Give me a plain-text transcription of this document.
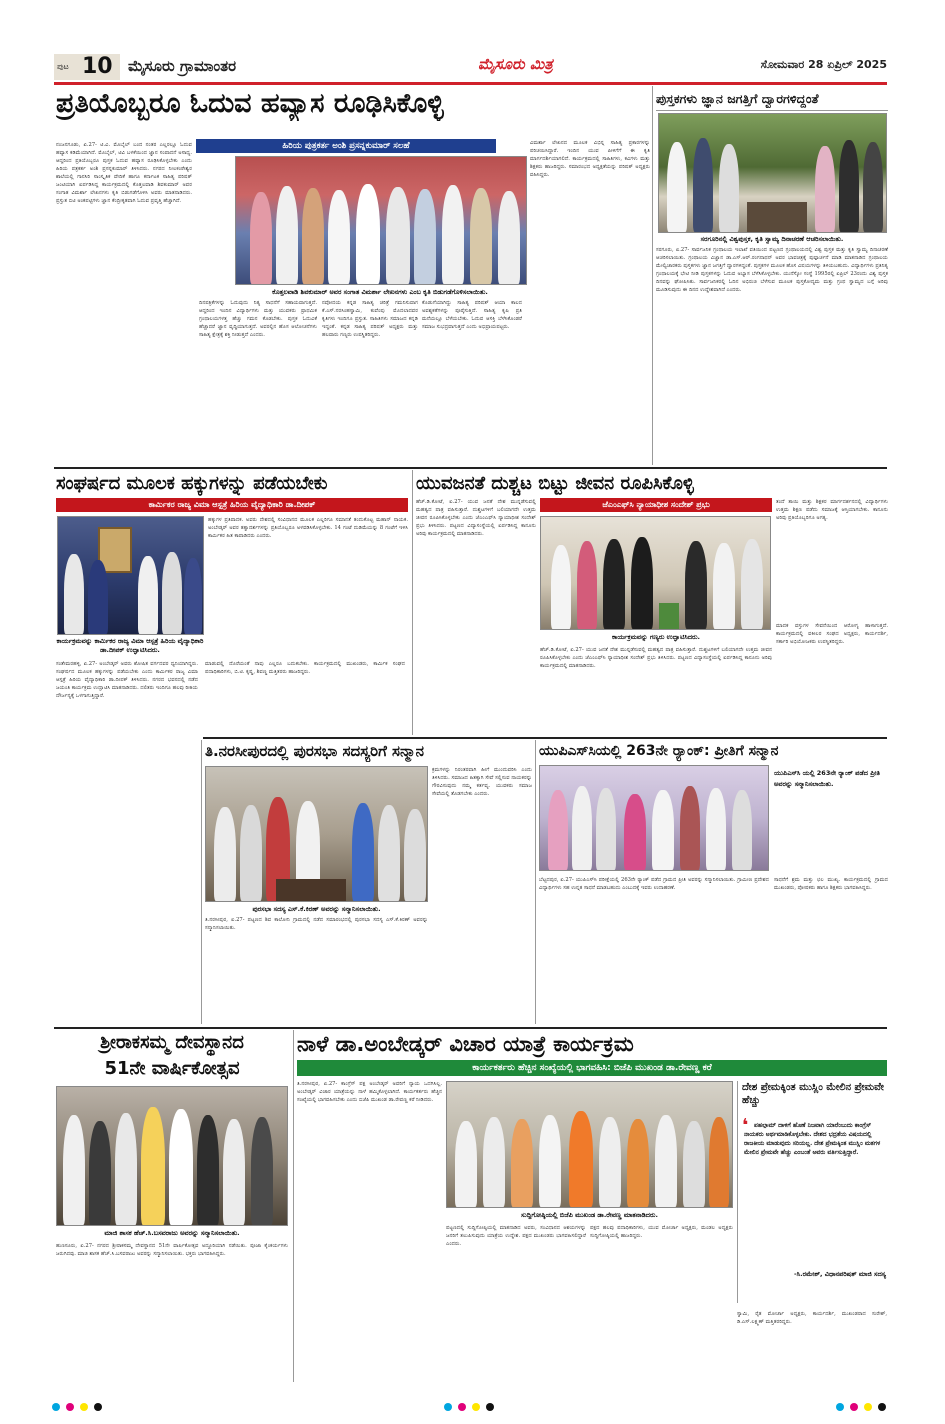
ಪುಟ 10 ಮೈಸೂರು ಗ್ರಾಮಾಂತರ	ಮೈಸೂರು ಮಿತ್ರ	ಸೋಮವಾರ 28 ಏಪ್ರಿಲ್ 2025
ಪ್ರತಿಯೊಬ್ಬರೂ ಓದುವ ಹವ್ಯಾಸ ರೂಢಿಸಿಕೊಳ್ಳಿ
ಹಿರಿಯ ಪುತ್ರಕರ್ತ ಅಂಶಿ ಪ್ರಸನ್ನಕುಮಾರ್ ಸಲಹೆ
ನಂಜನಗೂಡು, ಏ.27- ಟಿ.ವಿ. ಮೊಬೈಲ್ ಬಂದ ನಂತರ ಎಲ್ಲರಲ್ಲೂ ಓದುವ ಹವ್ಯಾಸ ಕಡಿಮೆಯಾಗಿದೆ. ಮೊಬೈಲ್, ಟಿವಿ ಬಳಕೆಯಿಂದ ಜ್ಞಾನ ಸಂಪಾದನೆ ಅಸಾಧ್ಯ. ಆದ್ದರಿಂದ ಪ್ರತಿಯೊಬ್ಬರೂ ಪುಸ್ತಕ ಓದುವ ಹವ್ಯಾಸ ರೂಢಿಸಿಕೊಳ್ಳಬೇಕು ಎಂದು ಹಿರಿಯ ಪತ್ರಕರ್ತ ಅಂಶಿ ಪ್ರಸನ್ನಕುಮಾರ್ ತಿಳಿಸಿದರು. ನಗರದ ನೀಲಕಂಠೇಶ್ವರ ಶಾಲೆಯಲ್ಲಿ ಗಾನಸಿರಿ ಸಾಂಸ್ಕೃತಿಕ ವೇದಿಕೆ ಹಾಗೂ ಕರ್ನಾಟಕ ಸಾಹಿತ್ಯ ಪರಿಷತ್ ಜಂಟಿಯಾಗಿ ಏರ್ಪಡಿಸಿದ್ದ ಕಾರ್ಯಕ್ರಮದಲ್ಲಿ ಕೊತ್ತಲವಾಡಿ ಶಿವಕುಮಾರ್ ಅವರ ಸಂಗಾತ ವಿಮರ್ಶಾ ಲೇಖನಗಳು ಕೃತಿ ಬಿಡುಗಡೆಗೊಳಿಸಿ ಅವರು ಮಾತನಾಡಿದರು. ಪ್ರಸ್ತುತ ಬಿಟಿ ಅಂಕಪಟ್ಟಿಗಳು ಜ್ಞಾನ ಕೆಂದ್ರೀಕೃತವಾಗಿ ಓದುವ ಪ್ರವೃತ್ತಿ ಹೆಚ್ಚಾಗಿದೆ.
ಕೊತ್ತಲವಾಡಿ ಶಿವಕುಮಾರ್ ಅವರ ಸಂಗಾತ ವಿಮರ್ಶಾ ಲೇಖನಗಳು ಎಂಬ ಕೃತಿ ಬಿಡುಗಡೆಗೊಳಿಸಲಾಯಿತು.
ದಿನಪತ್ರಿಕೆಗಳನ್ನು ಓದುವುದು ನಿತ್ಯ ಸಾಧನೆಗೆ ಸಹಾಯವಾಗುತ್ತದೆ. ಆದ್ದರಿಂದ ಇಂದಿನ ವಿದ್ಯಾರ್ಥಿಗಳು ಮತ್ತು ಯುವಕರು ಪ್ರಾಥಮಿಕ ಗ್ರಂಥಾಲಯಗಳತ್ತ ಹೆಚ್ಚು ಗಮನ ಕೊಡಬೇಕು. ಪುಸ್ತಕ ಓದುವಿಕೆ ಹೆಚ್ಚಾದರೆ ಜ್ಞಾನ ವೃದ್ಧಿಯಾಗುತ್ತದೆ. ಅವರಲ್ಲಿನ ಹೊಸ ಆಲೋಚನೆಗಳು ಸಾಹಿತ್ಯ ಕ್ಷೇತ್ರಕ್ಕೆ ಶಕ್ತಿ ನೀಡುತ್ತದೆ ಎಂದರು.
ನವೋದಯ ಕನ್ನಡ ಸಾಹಿತ್ಯ ಚರಿತ್ರೆ ಗಮನಿಸುವಾಗ ಕೆ.ಎಸ್.ನರಸಿಂಹಸ್ವಾಮಿ, ಕುವೆಂಪು ಮೊದಲಾದವರ ಕೃತಿಗಳು ಇಂದಿಗೂ ಪ್ರಸ್ತುತ. ಸಾಹಿತಿಗಳು ಸಮಾಜದ ಕನ್ನಡಿ ಇದ್ದಂತೆ. ಕನ್ನಡ ಸಾಹಿತ್ಯ ಪರಿಷತ್ ಅಧ್ಯಕ್ಷರು ಮತ್ತು ಹಲವಾರು ಗಣ್ಯರು ಉಪಸ್ಥಿತರಿದ್ದರು.
ಕೊಡುಗೆಯಾಗಿದ್ದು ಸಾಹಿತ್ಯ ಪರಿಷತ್ ಆಯಾ ಕಾಲದ ಅವಶ್ಯಕತೆಗಳನ್ನು ಪೂರೈಸುತ್ತಿದೆ. ಸಾಹಿತ್ಯ ಕೃಷಿ ಪ್ರತಿ ಮನೆಯಲ್ಲೂ ಬೆಳೆಯಬೇಕು. ಓದುವ ಆಸಕ್ತಿ ಬೆಳೆಸಿಕೊಂಡರೆ ಸಮಾಜ ಸುಭದ್ರವಾಗುತ್ತದೆ ಎಂದು ಅಭಿಪ್ರಾಯಪಟ್ಟರು.
ವಿಮರ್ಶಾ ಲೇಖನದ ಮೂಲಕ ವಿಭಿನ್ನ ಸಾಹಿತ್ಯ ಪ್ರಕಾರಗಳನ್ನು ಪರಿಚಯಿಸಿದ್ದಾರೆ. ಇಂದಿನ ಯುವ ಪೀಳಿಗೆಗೆ ಈ ಕೃತಿ ಮಾರ್ಗದರ್ಶಿಯಾಗಲಿದೆ. ಕಾರ್ಯಕ್ರಮದಲ್ಲಿ ಸಾಹಿತಿಗಳು, ಕವಿಗಳು ಮತ್ತು ಶಿಕ್ಷಕರು ಹಾಜರಿದ್ದರು. ಸಮಾರಂಭದ ಅಧ್ಯಕ್ಷತೆಯನ್ನು ಪರಿಷತ್ ಅಧ್ಯಕ್ಷರು ವಹಿಸಿದ್ದರು.
ಪುಸ್ತಕಗಳು ಜ್ಞಾನ ಜಗತ್ತಿಗೆ ದ್ವಾರಗಳಿದ್ದಂತೆ
ಸರಗೂರಿನಲ್ಲಿ ವಿಶ್ವಪುಸ್ತಕ, ಕೃತಿ ಸ್ವಾಮ್ಯ ದಿನಾಚರಣೆ ಆಚರಿಸಲಾಯಿತು.
ಸರಗೂರು, ಏ.27- ಸಾರ್ವಜನಿಕ ಗ್ರಂಥಾಲಯ ಇಲಾಖೆ ವತಿಯಿಂದ ಪಟ್ಟಣದ ಗ್ರಂಥಾಲಯದಲ್ಲಿ ವಿಶ್ವ ಪುಸ್ತಕ ಮತ್ತು ಕೃತಿ ಸ್ವಾಮ್ಯ ದಿನಾಚರಣೆ ಆಚರಿಸಲಾಯಿತು. ಗ್ರಂಥಾಲಯ ವಿಜ್ಞಾನ ಡಾ.ಎಸ್.ಆರ್.ರಂಗನಾಥನ್ ಅವರ ಭಾವಚಿತ್ರಕ್ಕೆ ಪುಷ್ಪಾರ್ಚನೆ ಮಾಡಿ ಮಾತನಾಡಿದ ಗ್ರಂಥಾಲಯ ಮೇಲ್ವಿಚಾರಕರು ಪುಸ್ತಕಗಳು ಜ್ಞಾನ ಜಗತ್ತಿಗೆ ದ್ವಾರಗಳಿದ್ದಂತೆ. ಪುಸ್ತಕಗಳ ಮೂಲಕ ಹೊಸ ವಿಷಯಗಳನ್ನು ತಿಳಿಯಬಹುದು. ವಿದ್ಯಾರ್ಥಿಗಳು ಪ್ರತಿನಿತ್ಯ ಗ್ರಂಥಾಲಯಕ್ಕೆ ಭೇಟಿ ನೀಡಿ ಪುಸ್ತಕಗಳನ್ನು ಓದುವ ಅಭ್ಯಾಸ ಬೆಳೆಸಿಕೊಳ್ಳಬೇಕು. ಯುನೆಸ್ಕೋ ಸಂಸ್ಥೆ 1995ರಲ್ಲಿ ಏಪ್ರಿಲ್ 23ರಂದು ವಿಶ್ವ ಪುಸ್ತಕ ದಿನವನ್ನು ಘೋಷಿಸಿತು. ಸಾರ್ವಜನಿಕರಲ್ಲಿ ಓದಿನ ಅಭಿರುಚಿ ಬೆಳೆಸುವ ಮೂಲಕ ಪುಸ್ತಕೋದ್ಯಮ ಮತ್ತು ಗ್ರಂಥ ಸ್ವಾಮ್ಯದ ಬಗ್ಗೆ ಅರಿವು ಮೂಡಿಸುವುದು ಈ ದಿನದ ಉದ್ದೇಶವಾಗಿದೆ ಎಂದರು.
ಸಂಘರ್ಷದ ಮೂಲಕ ಹಕ್ಕುಗಳನ್ನು ಪಡೆಯಬೇಕು
ಕಾರ್ಮಿಕರ ರಾಜ್ಯ ವಿಮಾ ಆಸ್ಪತ್ರೆ ಹಿರಿಯ ವೈದ್ಯಾಧಿಕಾರಿ ಡಾ.ದೀಪಕ್
ಕಾರ್ಯಕ್ರಮವನ್ನು ಕಾರ್ಮಿಕರ ರಾಜ್ಯ ವಿಮಾ ಆಸ್ಪತ್ರೆ ಹಿರಿಯ ವೈದ್ಯಾಧಿಕಾರಿ ಡಾ.ದೀಪಕ್ ಉದ್ಘಾಟಿಸಿದರು.
ಹಕ್ಕುಗಳ ಪ್ರತಿಪಾದಕ. ಅವರು ದೇಶದಲ್ಲಿ ಸಂವಿಧಾನದ ಮೂಲಕ ಎಲ್ಲರಿಗೂ ಸಮಾನತೆ ತಂದುಕೊಟ್ಟ ಮಹಾನ್ ನಾಯಕ. ಅಂಬೇಡ್ಕರ್ ಅವರ ತತ್ವಾದರ್ಶಗಳನ್ನು ಪ್ರತಿಯೊಬ್ಬರೂ ಅಳವಡಿಸಿಕೊಳ್ಳಬೇಕು. 14 ಗಂಟೆ ದುಡಿಮೆಯನ್ನು 8 ಗಂಟೆಗೆ ಇಳಿಸಿ ಕಾರ್ಮಿಕರ ಹಿತ ಕಾಪಾಡಿದರು ಎಂದರು.
ಸಂತೇಮರಹಳ್ಳಿ, ಏ.27- ಅಂಬೇಡ್ಕರ್ ಅವರು ಶೋಷಿತ ವರ್ಗದವರ ಧ್ವನಿಯಾಗಿದ್ದರು. ಸಂಘರ್ಷದ ಮೂಲಕ ಹಕ್ಕುಗಳನ್ನು ಪಡೆಯಬೇಕು ಎಂದು ಕಾರ್ಮಿಕರ ರಾಜ್ಯ ವಿಮಾ ಆಸ್ಪತ್ರೆ ಹಿರಿಯ ವೈದ್ಯಾಧಿಕಾರಿ ಡಾ.ದೀಪಕ್ ತಿಳಿಸಿದರು. ನಗರದ ಭವನದಲ್ಲಿ ನಡೆದ ಜಯಂತಿ ಕಾರ್ಯಕ್ರಮ ಉದ್ಘಾಟಿಸಿ ಮಾತನಾಡಿದರು. ದಲಿತರು ಇಂದಿಗೂ ಹಲವು ರೀತಿಯ ದೌರ್ಜನ್ಯಕ್ಕೆ ಒಳಗಾಗುತ್ತಿದ್ದಾರೆ.
ಮಾಡುವಲ್ಲಿ ದೊರೆಯಂತೆ ನಾವು ಎಲ್ಲರೂ ಬದುಕಬೇಕು. ಕಾರ್ಯಕ್ರಮದಲ್ಲಿ ಮುಖಂಡರು, ಕಾರ್ಮಿಕ ಸಂಘದ ಪದಾಧಿಕಾರಿಗಳು, ಬಿ.ಟಿ. ಕೃಷ್ಣ, ಶಿವಣ್ಣ ಮತ್ತಿತರರು ಹಾಜರಿದ್ದರು.
ಯುವಜನತೆ ದುಶ್ಚಟ ಬಿಟ್ಟು ಜೀವನ ರೂಪಿಸಿಕೊಳ್ಳಿ
ಹೆಚ್.ಡಿ.ಕೋಟೆ, ಏ.27- ಯುವ ಜನತೆ ದೇಶ ಮುನ್ನಡೆಸುವಲ್ಲಿ ಮಹತ್ವದ ಪಾತ್ರ ವಹಿಸುತ್ತಾರೆ. ದುಶ್ಚಟಗಳಿಗೆ ಬಲಿಯಾಗದೇ ಉತ್ತಮ ಜೀವನ ರೂಪಿಸಿಕೊಳ್ಳಬೇಕು ಎಂದು ಜೆಎಂಎಫ್‌ಸಿ ನ್ಯಾಯಾಧೀಶ ಸಂದೇಶ್ ಪ್ರಭು ತಿಳಿಸಿದರು. ಪಟ್ಟಣದ ವಿದ್ಯಾಸಂಸ್ಥೆಯಲ್ಲಿ ಏರ್ಪಡಿಸಿದ್ದ ಕಾನೂನು ಅರಿವು ಕಾರ್ಯಕ್ರಮದಲ್ಲಿ ಮಾತನಾಡಿದರು.
ಜೆಎಂಎಫ್‌ಸಿ ನ್ಯಾಯಾಧೀಶ ಸಂದೇಶ್ ಪ್ರಭು
ಕಾರ್ಯಕ್ರಮವನ್ನು ಗಣ್ಯರು ಉದ್ಘಾಟಿಸಿದರು.
ತಂದೆ ತಾಯಿ ಮತ್ತು ಶಿಕ್ಷಕರ ಮಾರ್ಗದರ್ಶನದಲ್ಲಿ ವಿದ್ಯಾರ್ಥಿಗಳು ಉತ್ತಮ ಶಿಕ್ಷಣ ಪಡೆದು ಸಮಾಜಕ್ಕೆ ಆಸ್ತಿಯಾಗಬೇಕು. ಕಾನೂನು ಅರಿವು ಪ್ರತಿಯೊಬ್ಬರಿಗೂ ಅಗತ್ಯ.
ಮಾದಕ ವಸ್ತುಗಳ ಸೇವನೆಯಿಂದ ಆರೋಗ್ಯ ಹಾಳಾಗುತ್ತದೆ. ಕಾರ್ಯಕ್ರಮದಲ್ಲಿ ವಕೀಲರ ಸಂಘದ ಅಧ್ಯಕ್ಷರು, ಕಾರ್ಯದರ್ಶಿ, ಸರ್ಕಾರಿ ಅಭಿಯೋಜಕರು ಉಪಸ್ಥಿತರಿದ್ದರು.
ಹೆಚ್.ಡಿ.ಕೋಟೆ, ಏ.27- ಯುವ ಜನತೆ ದೇಶ ಮುನ್ನಡೆಸುವಲ್ಲಿ ಮಹತ್ವದ ಪಾತ್ರ ವಹಿಸುತ್ತಾರೆ. ದುಶ್ಚಟಗಳಿಗೆ ಬಲಿಯಾಗದೇ ಉತ್ತಮ ಜೀವನ ರೂಪಿಸಿಕೊಳ್ಳಬೇಕು ಎಂದು ಜೆಎಂಎಫ್‌ಸಿ ನ್ಯಾಯಾಧೀಶ ಸಂದೇಶ್ ಪ್ರಭು ತಿಳಿಸಿದರು. ಪಟ್ಟಣದ ವಿದ್ಯಾಸಂಸ್ಥೆಯಲ್ಲಿ ಏರ್ಪಡಿಸಿದ್ದ ಕಾನೂನು ಅರಿವು ಕಾರ್ಯಕ್ರಮದಲ್ಲಿ ಮಾತನಾಡಿದರು.
ತಿ.ನರಸೀಪುರದಲ್ಲಿ ಪುರಸಭಾ ಸದಸ್ಯರಿಗೆ ಸನ್ಮಾನ
ಪುರಸಭಾ ಸದಸ್ಯ ಎಸ್.ಕೆ.ಕಿರಣ್ ಅವರನ್ನು ಸನ್ಮಾನಿಸಲಾಯಿತು.
ತಿ.ನರಸೀಪುರ, ಏ.27- ಪಟ್ಟಣದ ಶಿವ ಕಾಲೋನಿ ಗ್ರಾಮದಲ್ಲಿ ನಡೆದ ಸಮಾರಂಭದಲ್ಲಿ ಪುರಸಭಾ ಸದಸ್ಯ ಎಸ್.ಕೆ.ಕಿರಣ್ ಅವರನ್ನು ಸನ್ಮಾನಿಸಲಾಯಿತು.
ಕ್ರಮಗಳನ್ನು ನಿರಂತರವಾಗಿ ಹೀಗೆ ಮುಂದುವರಿಸಿ ಎಂದು ತಿಳಿಸಿದರು. ಸಮಾಜದ ಹಿತಕ್ಕಾಗಿ ಸೇವೆ ಸಲ್ಲಿಸುವ ನಾಯಕರನ್ನು ಗೌರವಿಸುವುದು ನಮ್ಮ ಕರ್ತವ್ಯ. ಯುವಕರು ಸಮಾಜ ಸೇವೆಯಲ್ಲಿ ತೊಡಗಬೇಕು ಎಂದರು.
ಯುಪಿಎಸ್‌ಸಿಯಲ್ಲಿ 263ನೇ ರ್‍ಯಾಂಕ್: ಪ್ರೀತಿಗೆ ಸನ್ಮಾನ
ಯುಪಿಎಸ್‌ಸಿ ಯಲ್ಲಿ 263ನೇ ರ್‍ಯಾಂಕ್ ಪಡೆದ ಪ್ರೀತಿ ಅವರನ್ನು ಸನ್ಮಾನಿಸಲಾಯಿತು.
ಬೆಟ್ಟದಪುರ, ಏ.27- ಯುಪಿಎಸ್‌ಸಿ ಪರೀಕ್ಷೆಯಲ್ಲಿ 263ನೇ ರ್‍ಯಾಂಕ್ ಪಡೆದ ಗ್ರಾಮದ ಪ್ರೀತಿ ಅವರನ್ನು ಸನ್ಮಾನಿಸಲಾಯಿತು. ಗ್ರಾಮೀಣ ಪ್ರದೇಶದ ವಿದ್ಯಾರ್ಥಿಗಳು ಸಹ ಉನ್ನತ ಸಾಧನೆ ಮಾಡಬಹುದು ಎಂಬುದಕ್ಕೆ ಇವರು ಉದಾಹರಣೆ.
ಸಾಧನೆಗೆ ಶ್ರಮ ಮತ್ತು ಛಲ ಮುಖ್ಯ. ಕಾರ್ಯಕ್ರಮದಲ್ಲಿ ಗ್ರಾಮದ ಮುಖಂಡರು, ಪೋಷಕರು ಹಾಗೂ ಶಿಕ್ಷಕರು ಭಾಗವಹಿಸಿದ್ದರು.
ಶ್ರೀರಾಕಸಮ್ಮ ದೇವಸ್ಥಾನದ
51ನೇ ವಾರ್ಷಿಕೋತ್ಸವ
ಮಾಜಿ ಶಾಸಕ ಹೆಚ್.ಸಿ.ಬಸವರಾಜು ಅವರನ್ನು ಸನ್ಮಾನಿಸಲಾಯಿತು.
ಹುಣಸೂರು, ಏ.27- ನಗರದ ಶ್ರೀರಾಕಸಮ್ಮ ದೇವಸ್ಥಾನದ 51ನೇ ವಾರ್ಷಿಕೋತ್ಸವ ಅದ್ದೂರಿಯಾಗಿ ನಡೆಯಿತು. ಪೂಜಾ ಕೈಂಕರ್ಯಗಳು ಜರುಗಿದವು. ಮಾಜಿ ಶಾಸಕ ಹೆಚ್.ಸಿ.ಬಸವರಾಜು ಅವರನ್ನು ಸನ್ಮಾನಿಸಲಾಯಿತು. ಭಕ್ತರು ಭಾಗವಹಿಸಿದ್ದರು.
ನಾಳೆ ಡಾ.ಅಂಬೇಡ್ಕರ್ ವಿಚಾರ ಯಾತ್ರೆ ಕಾರ್ಯಕ್ರಮ
ಕಾರ್ಯಕರ್ತರು ಹೆಚ್ಚಿನ ಸಂಖ್ಯೆಯಲ್ಲಿ ಭಾಗವಹಿಸಿ: ಬಿಜೆಪಿ ಮುಖಂಡ ಡಾ.ರೇವಣ್ಣ ಕರೆ
ತಿ.ನರಸೀಪುರ, ಏ.27- ಕಾಂಗ್ರೆಸ್ ಪಕ್ಷ ಅಂಬೇಡ್ಕರ್ ಅವರಿಗೆ ನ್ಯಾಯ ಒದಗಿಸಿಲ್ಲ. ಅಂಬೇಡ್ಕರ್ ವಿಚಾರ ಯಾತ್ರೆಯನ್ನು ನಾಳೆ ಹಮ್ಮಿಕೊಳ್ಳಲಾಗಿದೆ. ಕಾರ್ಯಕರ್ತರು ಹೆಚ್ಚಿನ ಸಂಖ್ಯೆಯಲ್ಲಿ ಭಾಗವಹಿಸಬೇಕು ಎಂದು ಬಿಜೆಪಿ ಮುಖಂಡ ಡಾ.ರೇವಣ್ಣ ಕರೆ ನೀಡಿದರು.
ಸುದ್ದಿಗೋಷ್ಠಿಯಲ್ಲಿ ಬಿಜೆಪಿ ಮುಖಂಡ ಡಾ.ರೇವಣ್ಣ ಮಾತನಾಡಿದರು.
ಪಟ್ಟಣದಲ್ಲಿ ಸುದ್ದಿಗೋಷ್ಠಿಯಲ್ಲಿ ಮಾತನಾಡಿದ ಅವರು, ಸಂವಿಧಾನದ ಆಶಯಗಳನ್ನು ಜನರಿಗೆ ತಲುಪಿಸುವುದು ಯಾತ್ರೆಯ ಉದ್ದೇಶ. ಪಕ್ಷದ ಮುಖಂಡರು ಭಾಗವಹಿಸಲಿದ್ದಾರೆ ಎಂದರು.
ಪಕ್ಷದ ಹಲವು ಪದಾಧಿಕಾರಿಗಳು, ಯುವ ಮೋರ್ಚಾ ಅಧ್ಯಕ್ಷರು, ಮಂಡಲ ಅಧ್ಯಕ್ಷರು ಸುದ್ದಿಗೋಷ್ಠಿಯಲ್ಲಿ ಹಾಜರಿದ್ದರು.
ದೇಶ ಪ್ರೇಮಕ್ಕಿಂತ ಮುಸ್ಲಿಂ ಮೇಲಿನ ಪ್ರೇಮವೇ ಹೆಚ್ಚು
❛ ಪಹಲ್ಗಾಮ್ ದಾಳಿಗೆ ಹೊಣೆ ನಿಜವಾಗಿ ಯಾರೆಂಬುದು ಕಾಂಗ್ರೆಸ್ ನಾಯಕರು ಅರ್ಥಮಾಡಿಕೊಳ್ಳಬೇಕು. ದೇಶದ ಭದ್ರತೆಯ ವಿಷಯದಲ್ಲಿ ರಾಜಕೀಯ ಮಾಡುವುದು ಸರಿಯಲ್ಲ. ದೇಶ ಪ್ರೇಮಕ್ಕಿಂತ ಮುಸ್ಲಿಂ ಮತಗಳ ಮೇಲಿನ ಪ್ರೇಮವೇ ಹೆಚ್ಚು ಎಂಬಂತೆ ಅವರು ವರ್ತಿಸುತ್ತಿದ್ದಾರೆ.
-ಸಿ.ರಮೇಶ್, ವಿಧಾನಪರಿಷತ್ ಮಾಜಿ ಸದಸ್ಯ
ಸ್ವಾಮಿ, ರೈತ ಮೋರ್ಚಾ ಅಧ್ಯಕ್ಷರು, ಕಾರ್ಯದರ್ಶಿ, ಮುಖಂಡರಾದ ಸುರೇಶ್, ಡಿ.ಎಸ್.ಲಕ್ಷ್ಮಣ್ ಮತ್ತಿತರರಿದ್ದರು.
